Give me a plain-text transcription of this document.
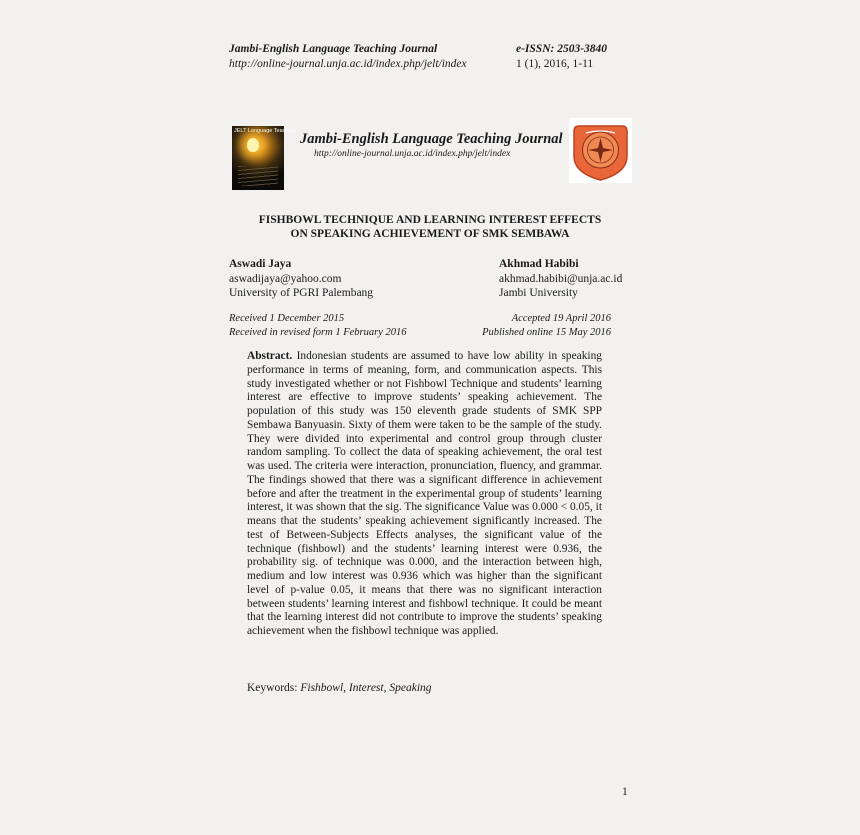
Jambi-English Language Teaching Journal
http://online-journal.unja.ac.id/index.php/jelt/index
e-ISSN: 2503-3840
1 (1), 2016, 1-11
JELT Language Teaching Jambi-English Language Teaching Journal
http://online-journal.unja.ac.id/index.php/jelt/index
FISHBOWL TECHNIQUE AND LEARNING INTEREST EFFECTS
ON SPEAKING ACHIEVEMENT OF SMK SEMBAWA
Aswadi Jaya
aswadijaya@yahoo.com
University of PGRI Palembang
Akhmad Habibi
akhmad.habibi@unja.ac.id
Jambi University
Received 1 December 2015
Received in revised form 1 February 2016
Accepted 19 April 2016
Published online 15 May 2016
Abstract. Indonesian students are assumed to have low ability in speaking performance in terms of meaning, form, and communication aspects. This study investigated whether or not Fishbowl Technique and students’ learning interest are effective to improve students’ speaking achievement. The population of this study was 150 eleventh grade students of SMK SPP Sembawa Banyuasin. Sixty of them were taken to be the sample of the study. They were divided into experimental and control group through cluster random sampling. To collect the data of speaking achievement, the oral test was used. The criteria were interaction, pronunciation, fluency, and grammar. The findings showed that there was a significant difference in achievement before and after the treatment in the experimental group of students’ learning interest, it was shown that the sig. The significance Value was 0.000 < 0.05, it means that the students’ speaking achievement significantly increased. The test of Between-Subjects Effects analyses, the significant value of the technique (fishbowl) and the students’ learning interest were 0.936, the probability sig. of technique was 0.000, and the interaction between high, medium and low interest was 0.936 which was higher than the significant level of p-value 0.05, it means that there was no significant interaction between students’ learning interest and fishbowl technique. It could be meant that the learning interest did not contribute to improve the students’ speaking achievement when the fishbowl technique was applied.
Keywords: Fishbowl, Interest, Speaking
1
